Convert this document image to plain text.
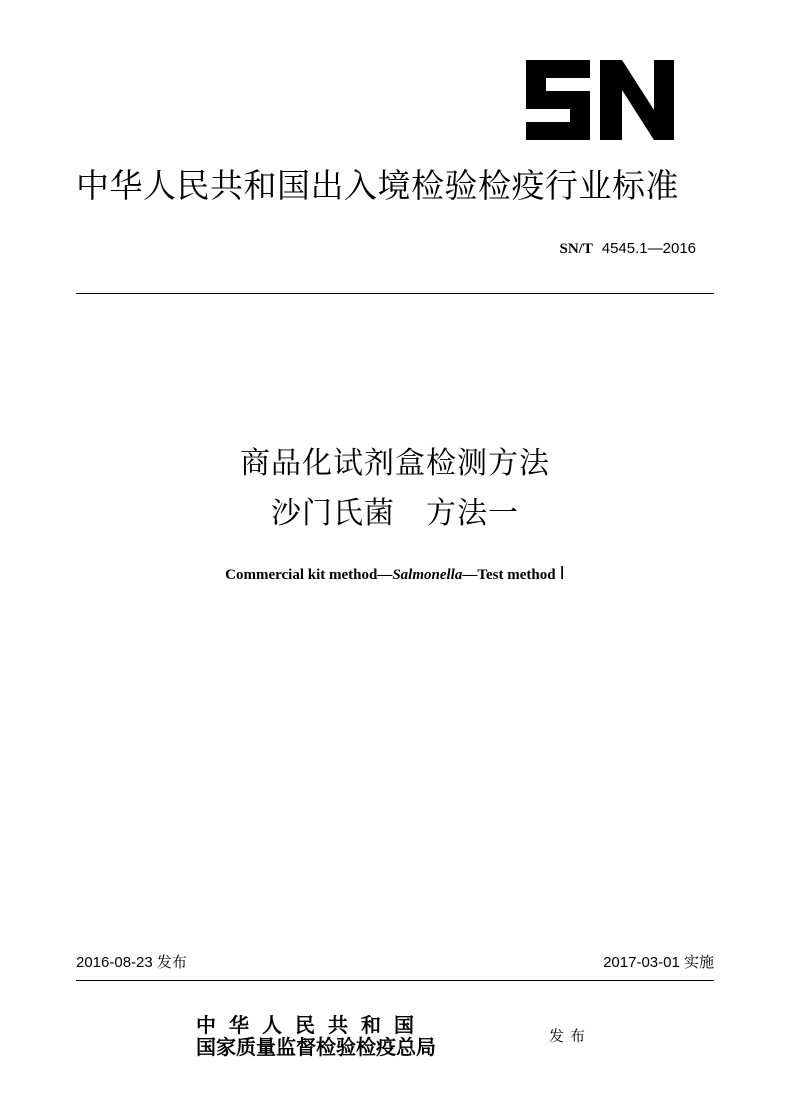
中华人民共和国出入境检验检疫行业标准
SN/T 4545.1—2016
商品化试剂盒检测方法
沙门氏菌　方法一
Commercial kit method—Salmonella—Test method Ⅰ
2016-08-23 发布	2017-03-01 实施
中华人民共和国
国家质量监督检验检疫总局	发布
